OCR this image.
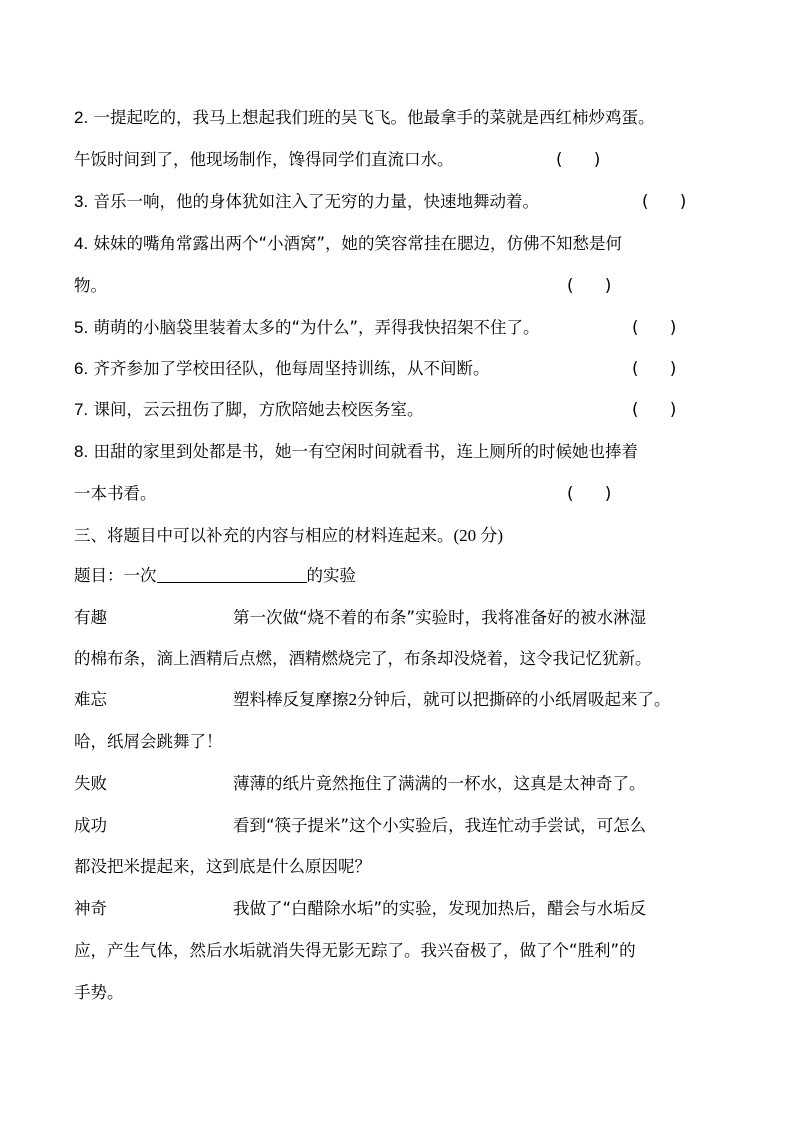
2. 一提起吃的，我马上想起我们班的吴飞飞。他最拿手的菜就是西红柿炒鸡蛋。
午饭时间到了，他现场制作，馋得同学们直流口水。	(      )
3. 音乐一响，他的身体犹如注入了无穷的力量，快速地舞动着。	(      )
4. 妹妹的嘴角常露出两个“小酒窝”，她的笑容常挂在腮边，仿佛不知愁是何
物。	(      )
5. 萌萌的小脑袋里装着太多的“为什么”，弄得我快招架不住了。	(      )
6. 齐齐参加了学校田径队，他每周坚持训练，从不间断。	(      )
7. 课间，云云扭伤了脚，方欣陪她去校医务室。	(      )
8. 田甜的家里到处都是书，她一有空闲时间就看书，连上厕所的时候她也捧着
一本书看。	(      )
三、将题目中可以补充的内容与相应的材料连起来。(20 分)
题目：一次	的实验
有趣	第一次做“烧不着的布条”实验时，我将准备好的被水淋湿
的棉布条，滴上酒精后点燃，酒精燃烧完了，布条却没烧着，这令我记忆犹新。
难忘	塑料棒反复摩擦2分钟后，就可以把撕碎的小纸屑吸起来了。
哈，纸屑会跳舞了！
失败	薄薄的纸片竟然拖住了满满的一杯水，这真是太神奇了。
成功	看到“筷子提米”这个小实验后，我连忙动手尝试，可怎么
都没把米提起来，这到底是什么原因呢？
神奇	我做了“白醋除水垢”的实验，发现加热后，醋会与水垢反
应，产生气体，然后水垢就消失得无影无踪了。我兴奋极了，做了个“胜利”的
手势。
